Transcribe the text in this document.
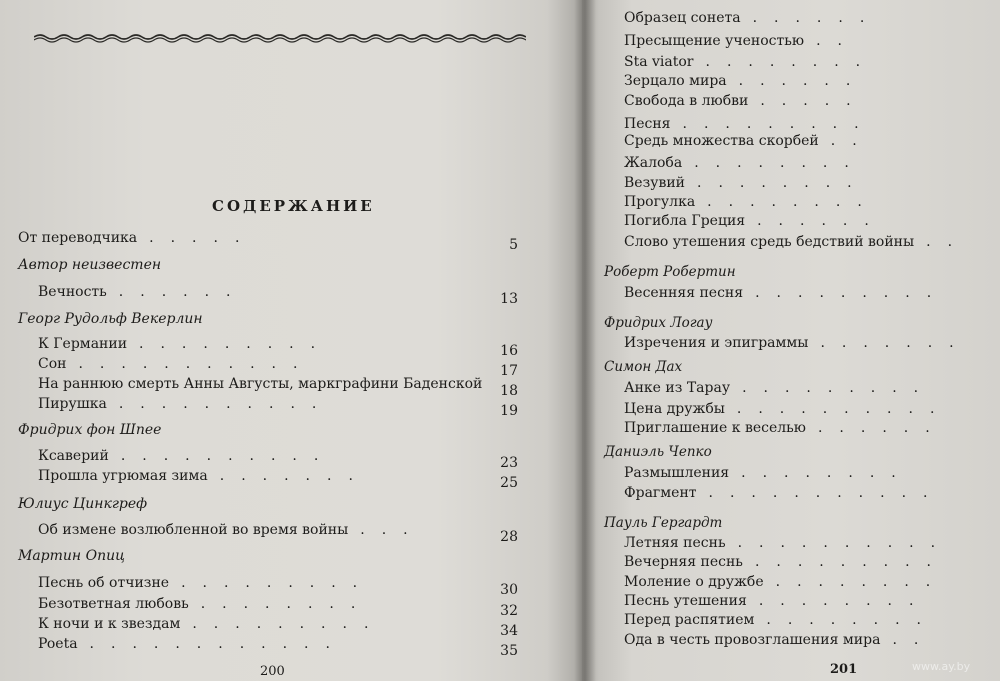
СОДЕРЖАНИЕ
От переводчика .....	5
Автор неизвестен
Вечность ......	13
Георг Рудольф Векерлин
К Германии .........	16
Сон ...........	17
На раннюю смерть Анны Августы, маркграфини Баденской	18
Пирушка ..........	19
Фридрих фон Шпее
Ксаверий ..........	23
Прошла угрюмая зима .......	25
Юлиус Цинкгреф
Об измене возлюбленной во время войны ...	28
Мартин Опиц
Песнь об отчизне .........	30
Безответная любовь ........	32
К ночи и к звездам .........	34
Poeta ............	35
200
Образец сонета ......
Пресыщение ученостью ..
Sta viator ........
Зерцало мира ......
Свобода в любви .....
Песня .........
Средь множества скорбей ..
Жалоба ........
Везувий ........
Прогулка ........
Погибла Греция ......
Слово утешения средь бедствий войны ..
Роберт Робертин
Весенняя песня .........
Фридрих Логау
Изречения и эпиграммы .......
Симон Дах
Анке из Тарау .........
Цена дружбы ..........
Приглашение к веселью ......
Даниэль Чепко
Размышления ........
Фрагмент ...........
Пауль Гергардт
Летняя песнь ..........
Вечерняя песнь .........
Моление о дружбе ........
Песнь утешения ........
Перед распятием ........
Ода в честь провозглашения мира ..
201	www.ay.by
